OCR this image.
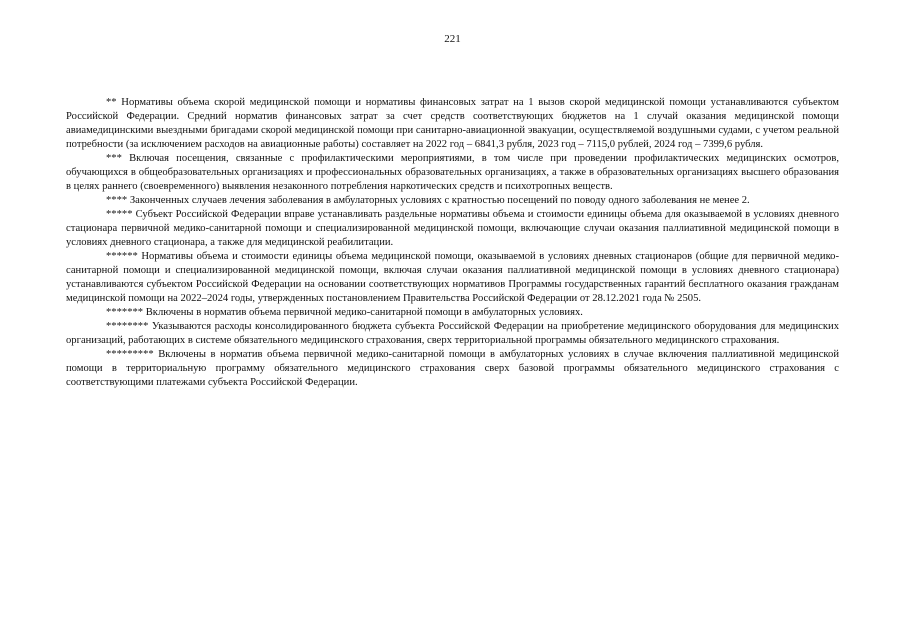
221

** Нормативы объема скорой медицинской помощи и нормативы финансовых затрат на 1 вызов скорой медицинской помощи устанавливаются субъектом Российской Федерации. Средний норматив финансовых затрат за счет средств соответствующих бюджетов на 1 случай оказания медицинской помощи авиамедицинскими выездными бригадами скорой медицинской помощи при санитарно-авиационной эвакуации, осуществляемой воздушными судами, с учетом реальной потребности (за исключением расходов на авиационные работы) составляет на 2022 год – 6841,3 рубля, 2023 год – 7115,0 рублей, 2024 год – 7399,6 рубля.

*** Включая посещения, связанные с профилактическими мероприятиями, в том числе при проведении профилактических медицинских осмотров, обучающихся в общеобразовательных организациях и профессиональных образовательных организациях, а также в образовательных организациях высшего образования в целях раннего (своевременного) выявления незаконного потребления наркотических средств и психотропных веществ.

**** Законченных случаев лечения заболевания в амбулаторных условиях с кратностью посещений по поводу одного заболевания не менее 2.

***** Субъект Российской Федерации вправе устанавливать раздельные нормативы объема и стоимости единицы объема для оказываемой в условиях дневного стационара первичной медико-санитарной помощи и специализированной медицинской помощи, включающие случаи оказания паллиативной медицинской помощи в условиях дневного стационара, а также для медицинской реабилитации.

****** Нормативы объема и стоимости единицы объема медицинской помощи, оказываемой в условиях дневных стационаров (общие для первичной медико-санитарной помощи и специализированной медицинской помощи, включая случаи оказания паллиативной медицинской помощи в условиях дневного стационара) устанавливаются субъектом Российской Федерации на основании соответствующих нормативов Программы государственных гарантий бесплатного оказания гражданам медицинской помощи на 2022–2024 годы, утвержденных постановлением Правительства Российской Федерации от 28.12.2021 года № 2505.

******* Включены в норматив объема первичной медико-санитарной помощи в амбулаторных условиях.

******** Указываются расходы консолидированного бюджета субъекта Российской Федерации на приобретение медицинского оборудования для медицинских организаций, работающих в системе обязательного медицинского страхования, сверх территориальной программы обязательного медицинского страхования.

********* Включены в норматив объема первичной медико-санитарной помощи в амбулаторных условиях в случае включения паллиативной медицинской помощи в территориальную программу обязательного медицинского страхования сверх базовой программы обязательного медицинского страхования с соответствующими платежами субъекта Российской Федерации.
